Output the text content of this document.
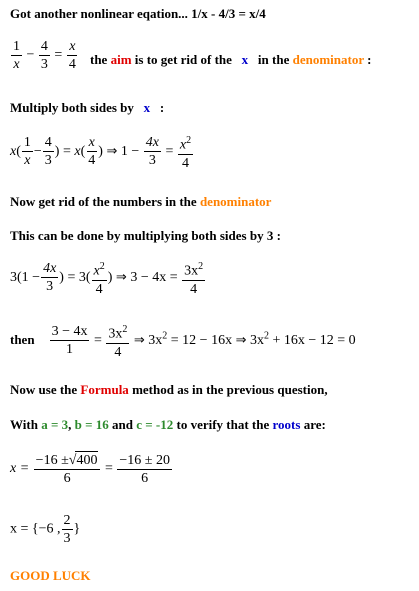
Got another nonlinear eqation... 1/x - 4/3 = x/4
$\frac{1}{x} - \frac{4}{3} = \frac{x}{4}$ the aim is to get rid of the x in the denominator :
Multiply both sides by x :
$x( \frac{1}{x} - \frac{4}{3}$ ) = $x( \frac{x}{4}$ ) ⇒ $1 - \frac{4x}{3} = \frac{x^2}{4}$
Now get rid of the numbers in the denominator
This can be done by multiplying both sides by 3 :
$3(1 - \frac{4x}{3}$ ) = $3( \frac{x^2}{4}$ ) ⇒ $3 - 4x = \frac{3x^2}{4}$
then $\frac{3 - 4x}{1} = \frac{3x^2}{4}$ ⇒ $3x^2 = 12 - 16x$ ⇒ $3x^2 + 16x - 12 = 0$
Now use the Formula method as in the previous question,
With a = 3, b = 16 and c = -12 to verify that the roots are:
$x = \frac{-16 \pm√400}{6} = \frac{-16 \pm 20}{6}$
x = {−6 , $\frac{2}{3}$ }
GOOD LUCK
